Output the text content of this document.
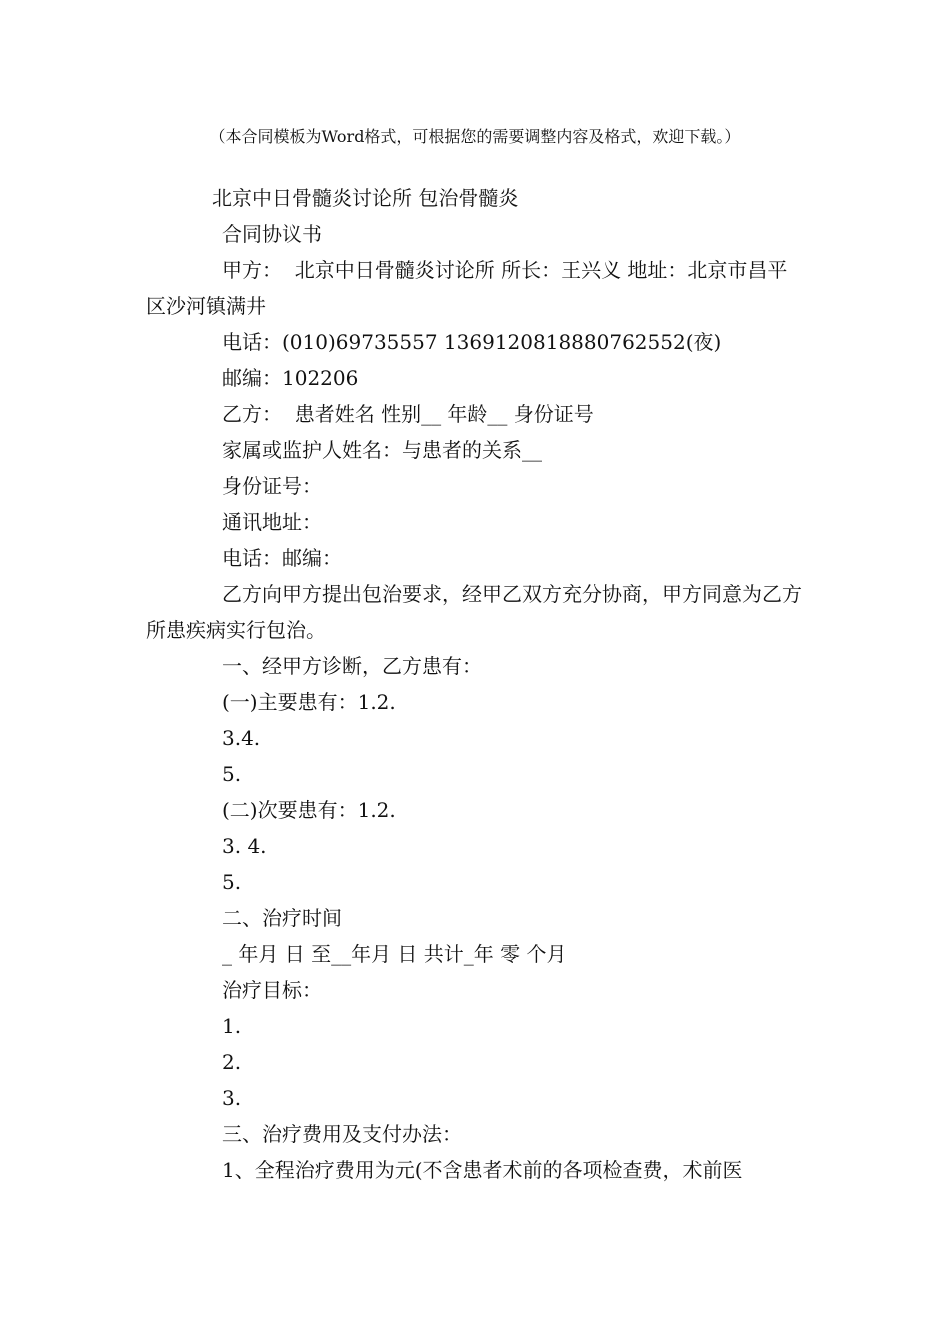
（本合同模板为Word格式，可根据您的需要调整内容及格式，欢迎下载。）

北京中日骨髓炎讨论所 包治骨髓炎

合同协议书

甲方：  北京中日骨髓炎讨论所 所长：王兴义 地址：北京市昌平区沙河镇满井

电话：(010)69735557 1369120818880762552(夜)

邮编：102206

乙方：  患者姓名 性别__ 年龄__ 身份证号

家属或监护人姓名：与患者的关系__

身份证号：

通讯地址：

电话：邮编：

乙方向甲方提出包治要求，经甲乙双方充分协商，甲方同意为乙方所患疾病实行包治。

一、经甲方诊断，乙方患有：

(一)主要患有：1.2.

3.4.

5.

(二)次要患有：1.2.

3. 4.

5.

二、治疗时间

_ 年月 日 至__年月 日 共计_年 零 个月

治疗目标：

1.

2.

3.

三、治疗费用及支付办法：

1、全程治疗费用为元(不含患者术前的各项检查费，术前医
